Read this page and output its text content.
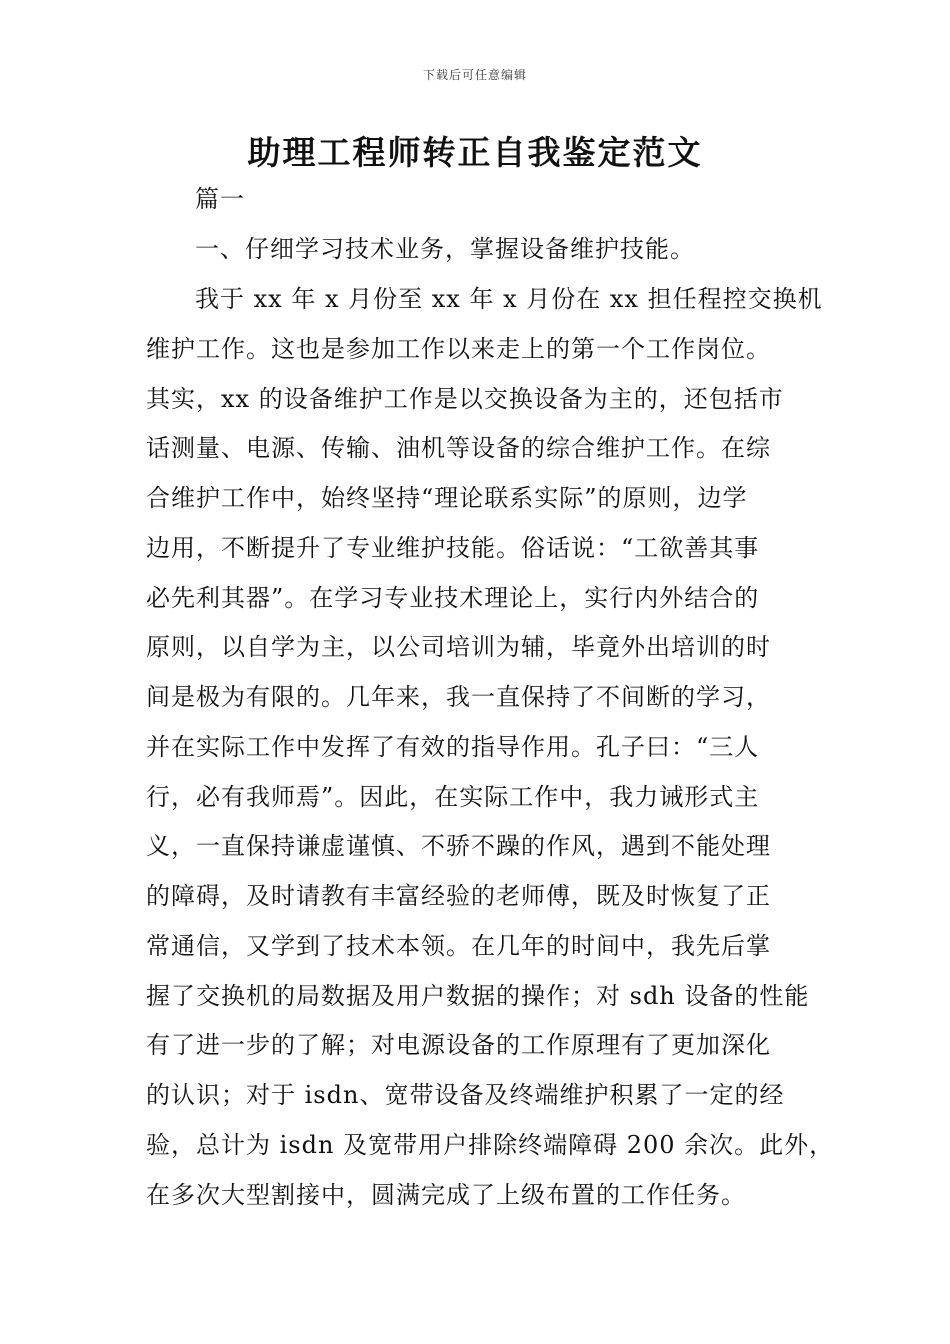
下载后可任意编辑
助理工程师转正自我鉴定范文
篇一
一、仔细学习技术业务，掌握设备维护技能。
我于 xx 年 x 月份至 xx 年 x 月份在 xx 担任程控交换机
维护工作。这也是参加工作以来走上的第一个工作岗位。
其实，xx 的设备维护工作是以交换设备为主的，还包括市
话测量、电源、传输、油机等设备的综合维护工作。在综
合维护工作中，始终坚持“理论联系实际”的原则，边学
边用，不断提升了专业维护技能。俗话说：“工欲善其事
必先利其器”。在学习专业技术理论上，实行内外结合的
原则，以自学为主，以公司培训为辅，毕竟外出培训的时
间是极为有限的。几年来，我一直保持了不间断的学习，
并在实际工作中发挥了有效的指导作用。孔子曰：“三人
行，必有我师焉”。因此，在实际工作中，我力诫形式主
义，一直保持谦虚谨慎、不骄不躁的作风，遇到不能处理
的障碍，及时请教有丰富经验的老师傅，既及时恢复了正
常通信，又学到了技术本领。在几年的时间中，我先后掌
握了交换机的局数据及用户数据的操作；对 sdh 设备的性能
有了进一步的了解；对电源设备的工作原理有了更加深化
的认识；对于 isdn、宽带设备及终端维护积累了一定的经
验，总计为 isdn 及宽带用户排除终端障碍 200 余次。此外，
在多次大型割接中，圆满完成了上级布置的工作任务。
